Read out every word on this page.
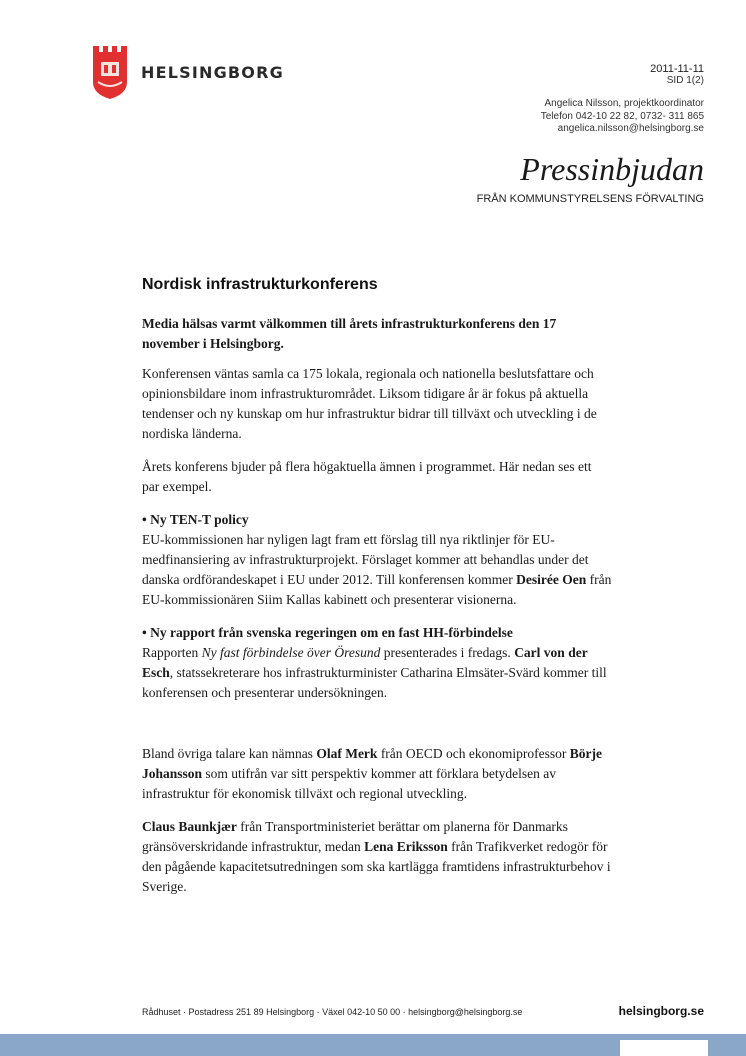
HELSINGBORG	2011-11-11
SID 1(2)
Angelica Nilsson, projektkoordinator
Telefon 042-10 22 82, 0732- 311 865
angelica.nilsson@helsingborg.se
Pressinbjudan
FRÅN KOMMUNSTYRELSENS FÖRVALTING
Nordisk infrastrukturkonferens

Media hälsas varmt välkommen till årets infrastrukturkonferens den 17 november i Helsingborg.

Konferensen väntas samla ca 175 lokala, regionala och nationella beslutsfattare och opinionsbildare inom infrastrukturområdet. Liksom tidigare år är fokus på aktuella tendenser och ny kunskap om hur infrastruktur bidrar till tillväxt och utveckling i de nordiska länderna.

Årets konferens bjuder på flera högaktuella ämnen i programmet. Här nedan ses ett par exempel.

• Ny TEN-T policy
EU-kommissionen har nyligen lagt fram ett förslag till nya riktlinjer för EU-medfinansiering av infrastrukturprojekt. Förslaget kommer att behandlas under det danska ordförandeskapet i EU under 2012. Till konferensen kommer Desirée Oen från EU-kommissionären Siim Kallas kabinett och presenterar visionerna.

• Ny rapport från svenska regeringen om en fast HH-förbindelse
Rapporten Ny fast förbindelse över Öresund presenterades i fredags. Carl von der Esch, statssekreterare hos infrastrukturminister Catharina Elmsäter-Svärd kommer till konferensen och presenterar undersökningen.

Bland övriga talare kan nämnas Olaf Merk från OECD och ekonomiprofessor Börje Johansson som utifrån var sitt perspektiv kommer att förklara betydelsen av infrastruktur för ekonomisk tillväxt och regional utveckling.

Claus Baunkjær från Transportministeriet berättar om planerna för Danmarks gränsöverskridande infrastruktur, medan Lena Eriksson från Trafikverket redogör för den pågående kapacitetsutredningen som ska kartlägga framtidens infrastrukturbehov i Sverige.

Rådhuset · Postadress 251 89 Helsingborg · Växel 042-10 50 00 · helsingborg@helsingborg.se	helsingborg.se
